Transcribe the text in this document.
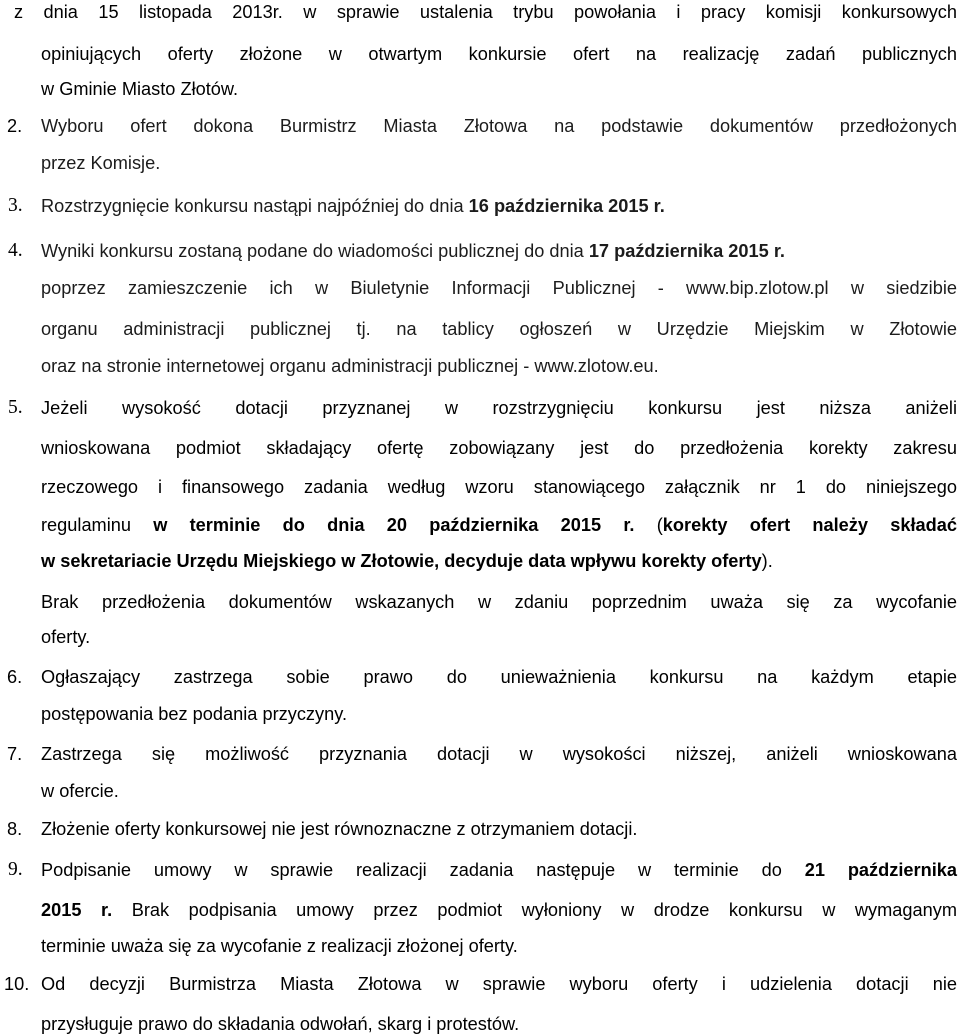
z dnia 15 listopada 2013r. w sprawie ustalenia trybu powołania i pracy komisji konkursowych
opiniujących oferty złożone w otwartym konkursie ofert na realizację zadań publicznych
w Gminie Miasto Złotów.
2.	Wyboru ofert dokona Burmistrz Miasta Złotowa na podstawie dokumentów przedłożonych
przez Komisje.
3.	Rozstrzygnięcie konkursu nastąpi najpóźniej do dnia 16 października 2015 r.
4.	Wyniki konkursu zostaną podane do wiadomości publicznej do dnia 17 października 2015 r.
poprzez zamieszczenie ich w Biuletynie Informacji Publicznej - www.bip.zlotow.pl w siedzibie
organu administracji publicznej tj. na tablicy ogłoszeń w Urzędzie Miejskim w Złotowie
oraz na stronie internetowej organu administracji publicznej - www.zlotow.eu.
5.	Jeżeli wysokość dotacji przyznanej w rozstrzygnięciu konkursu jest niższa aniżeli
wnioskowana podmiot składający ofertę zobowiązany jest do przedłożenia korekty zakresu
rzeczowego i finansowego zadania według wzoru stanowiącego załącznik nr 1 do niniejszego
regulaminu w terminie do dnia 20 października 2015 r. (korekty ofert należy składać
w sekretariacie Urzędu Miejskiego w Złotowie, decyduje data wpływu korekty oferty).
Brak przedłożenia dokumentów wskazanych w zdaniu poprzednim uważa się za wycofanie
oferty.
6.	Ogłaszający zastrzega sobie prawo do unieważnienia konkursu na każdym etapie
postępowania bez podania przyczyny.
7.	Zastrzega się możliwość przyznania dotacji w wysokości niższej, aniżeli wnioskowana
w ofercie.
8.	Złożenie oferty konkursowej nie jest równoznaczne z otrzymaniem dotacji.
9.	Podpisanie umowy w sprawie realizacji zadania następuje w terminie do 21 października
2015 r. Brak podpisania umowy przez podmiot wyłoniony w drodze konkursu w wymaganym
terminie uważa się za wycofanie z realizacji złożonej oferty.
10. Od decyzji Burmistrza Miasta Złotowa w sprawie wyboru oferty i udzielenia dotacji nie
przysługuje prawo do składania odwołań, skarg i protestów.
